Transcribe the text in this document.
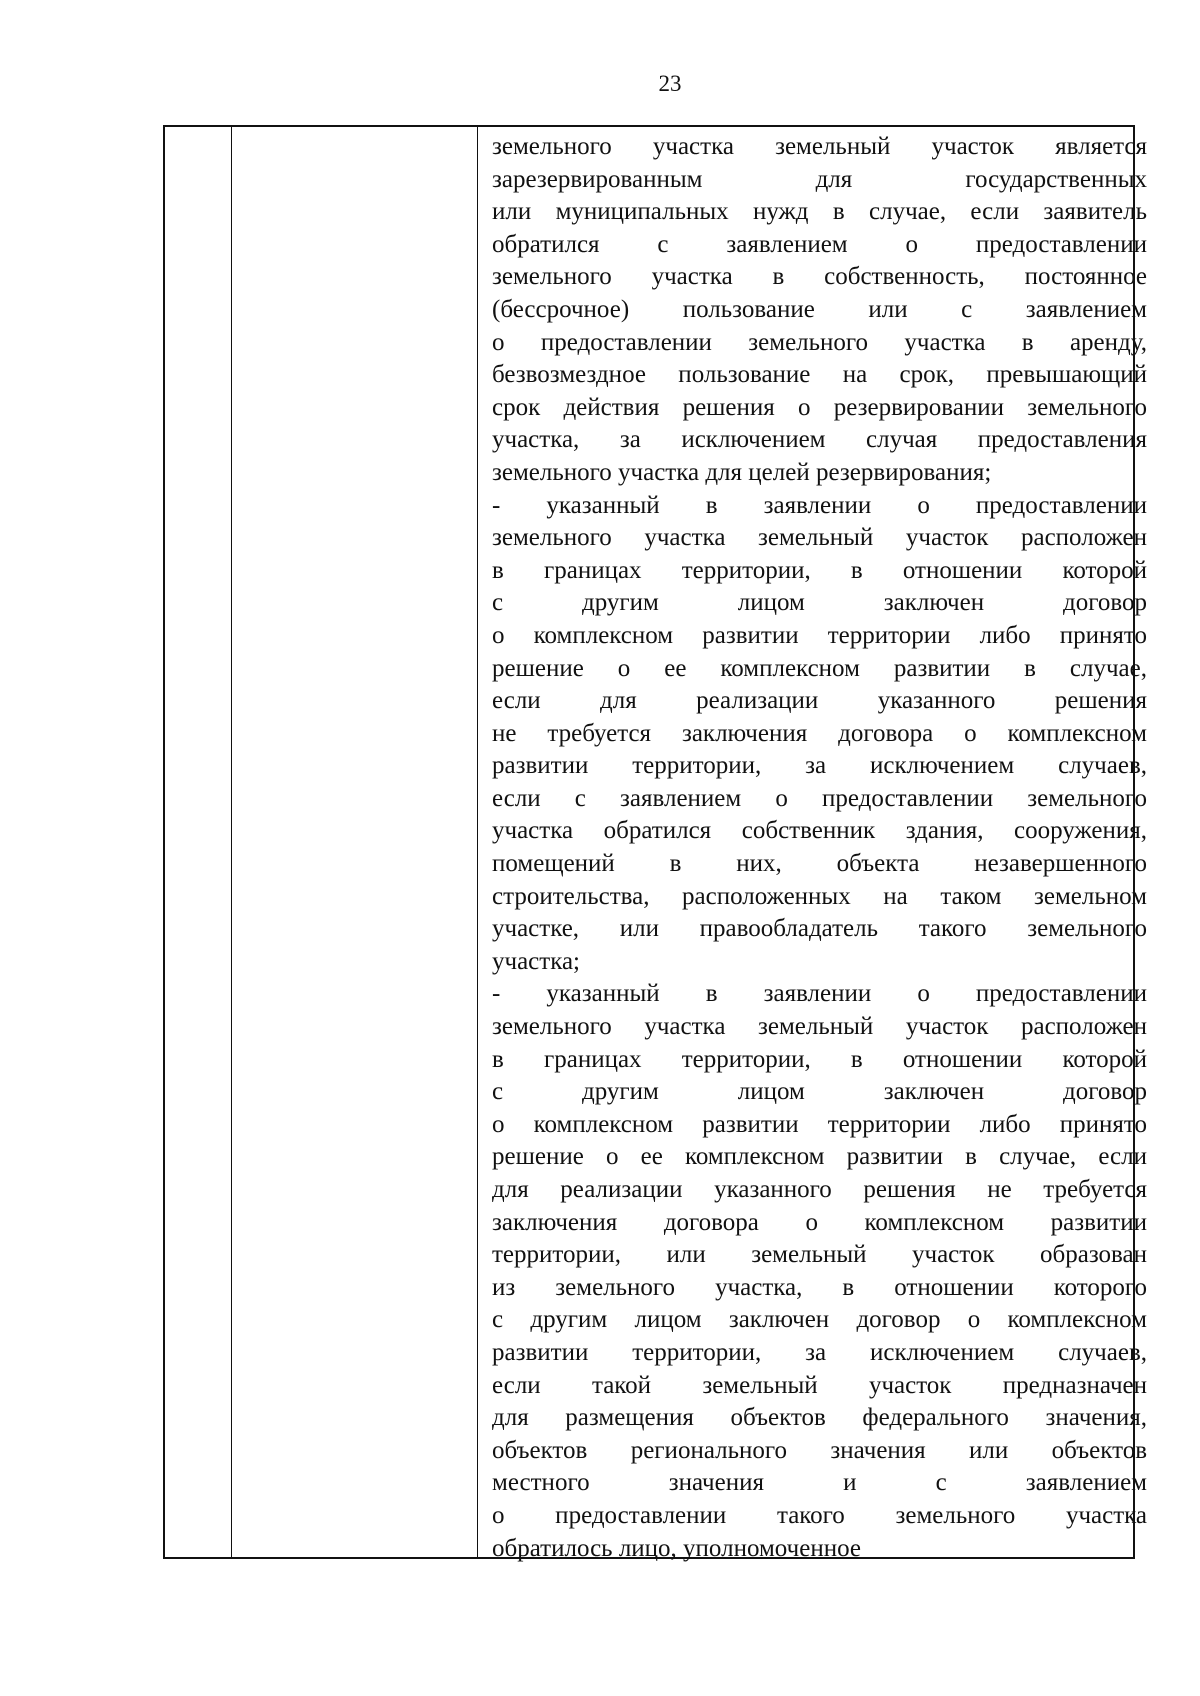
23
земельного участка земельный участок является
зарезервированным для государственных
или муниципальных нужд в случае, если заявитель
обратился с заявлением о предоставлении
земельного участка в собственность, постоянное
(бессрочное) пользование или с заявлением
о предоставлении земельного участка в аренду,
безвозмездное пользование на срок, превышающий
срок действия решения о резервировании земельного
участка, за исключением случая предоставления
земельного участка для целей резервирования;
- указанный в заявлении о предоставлении
земельного участка земельный участок расположен
в границах территории, в отношении которой
с другим лицом заключен договор
о комплексном развитии территории либо принято
решение о ее комплексном развитии в случае,
если для реализации указанного решения
не требуется заключения договора о комплексном
развитии территории, за исключением случаев,
если с заявлением о предоставлении земельного
участка обратился собственник здания, сооружения,
помещений в них, объекта незавершенного
строительства, расположенных на таком земельном
участке, или правообладатель такого земельного
участка;
- указанный в заявлении о предоставлении
земельного участка земельный участок расположен
в границах территории, в отношении которой
с другим лицом заключен договор
о комплексном развитии территории либо принято
решение о ее комплексном развитии в случае, если
для реализации указанного решения не требуется
заключения договора о комплексном развитии
территории, или земельный участок образован
из земельного участка, в отношении которого
с другим лицом заключен договор о комплексном
развитии территории, за исключением случаев,
если такой земельный участок предназначен
для размещения объектов федерального значения,
объектов регионального значения или объектов
местного значения и с заявлением
о предоставлении такого земельного участка
обратилось лицо, уполномоченное
